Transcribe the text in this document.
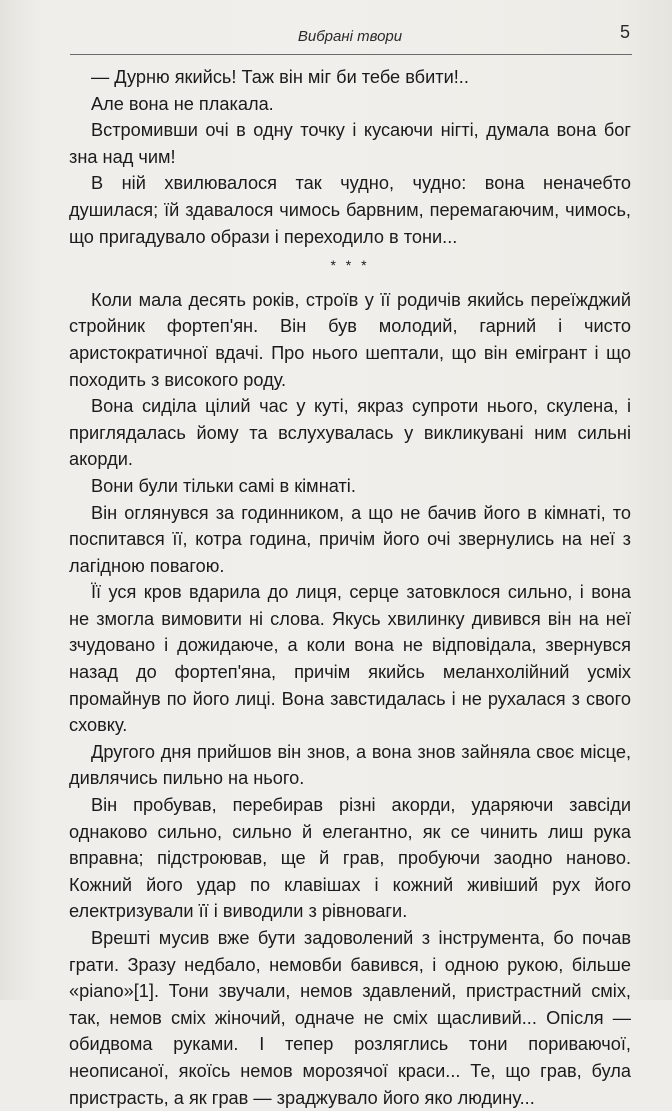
Вибрані твори	5

— Дурню якийсь! Таж він міг би тебе вбити!..

Але вона не плакала.

Встромивши очі в одну точку і кусаючи нігті, думала вона бог зна над чим!

В ній хвилювалося так чудно, чудно: вона неначебто душилася; їй здавалося чимось барвним, перемагаючим, чимось, що пригадувало образи і переходило в тони...

* * *

Коли мала десять років, строїв у її родичів якийсь переїжджий стройник фортеп'ян. Він був молодий, гарний і чисто аристократичної вдачі. Про нього шептали, що він емігрант і що походить з високого роду.

Вона сиділа цілий час у куті, якраз супроти нього, скулена, і приглядалась йому та вслухувалась у викликувані ним сильні акорди.

Вони були тільки самі в кімнаті.

Він оглянувся за годинником, а що не бачив його в кімнаті, то поспитався її, котра година, причім його очі звернулись на неї з лагідною повагою.

Її уся кров вдарила до лиця, серце затовклося сильно, і вона не змогла вимовити ні слова. Якусь хвилинку дивився він на неї зчудовано і дожидаюче, а коли вона не відповідала, звернувся назад до фортеп'яна, причім якийсь меланхолійний усміх промайнув по його лиці. Вона завстидалась і не рухалася з свого сховку.

Другого дня прийшов він знов, а вона знов зайняла своє місце, дивлячись пильно на нього.

Він пробував, перебирав різні акорди, ударяючи завсіди однаково сильно, сильно й елегантно, як се чинить лиш рука вправна; підстроював, ще й грав, пробуючи заодно наново. Кожний його удар по клавішах і кожний живіший рух його електризували її і виводили з рівноваги.

Врешті мусив вже бути задоволений з інструмента, бо почав грати. Зразу недбало, немовби бавився, і одною рукою, більше «piano»[1]. Тони звучали, немов здавлений, пристрастний сміх, так, немов сміх жіночий, одначе не сміх щасливий... Опісля — обидвома руками. І тепер розляглись тони пориваючої, неописаної, якоїсь немов морозячої краси... Те, що грав, була пристрасть, а як грав — зраджувало його яко людину...
